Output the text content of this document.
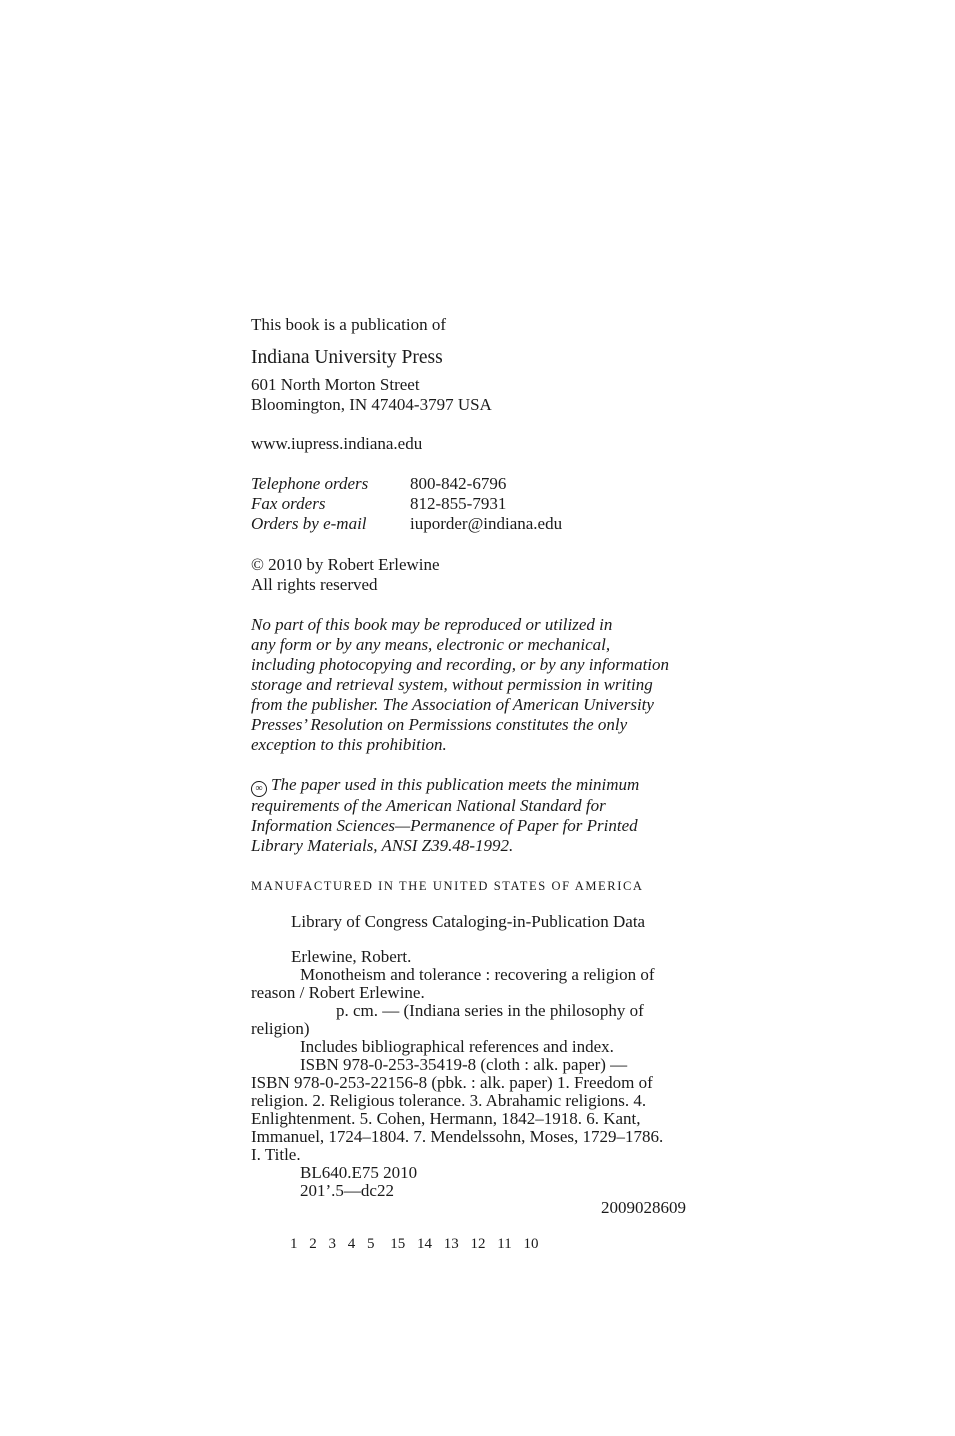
This book is a publication of
Indiana University Press
601 North Morton Street
Bloomington, IN 47404-3797 USA
www.iupress.indiana.edu
Telephone orders	800-842-6796
Fax orders	812-855-7931
Orders by e-mail	iuporder@indiana.edu
© 2010 by Robert Erlewine
All rights reserved
No part of this book may be reproduced or utilized in
any form or by any means, electronic or mechanical,
including photocopying and recording, or by any information
storage and retrieval system, without permission in writing
from the publisher. The Association of American University
Presses’ Resolution on Permissions constitutes the only
exception to this prohibition.
∞ The paper used in this publication meets the minimum
requirements of the American National Standard for
Information Sciences—Permanence of Paper for Printed
Library Materials, ANSI Z39.48-1992.
MANUFACTURED IN THE UNITED STATES OF AMERICA
Library of Congress Cataloging-in-Publication Data
Erlewine, Robert.
Monotheism and tolerance : recovering a religion of
reason / Robert Erlewine.
p. cm. — (Indiana series in the philosophy of
religion)
Includes bibliographical references and index.
ISBN 978-0-253-35419-8 (cloth : alk. paper) —
ISBN 978-0-253-22156-8 (pbk. : alk. paper) 1. Freedom of
religion. 2. Religious tolerance. 3. Abrahamic religions. 4.
Enlightenment. 5. Cohen, Hermann, 1842–1918. 6. Kant,
Immanuel, 1724–1804. 7. Mendelssohn, Moses, 1729–1786.
I. Title.
BL640.E75 2010
201’.5—dc22
2009028609
1 2 3 4 5 15 14 13 12 11 10
